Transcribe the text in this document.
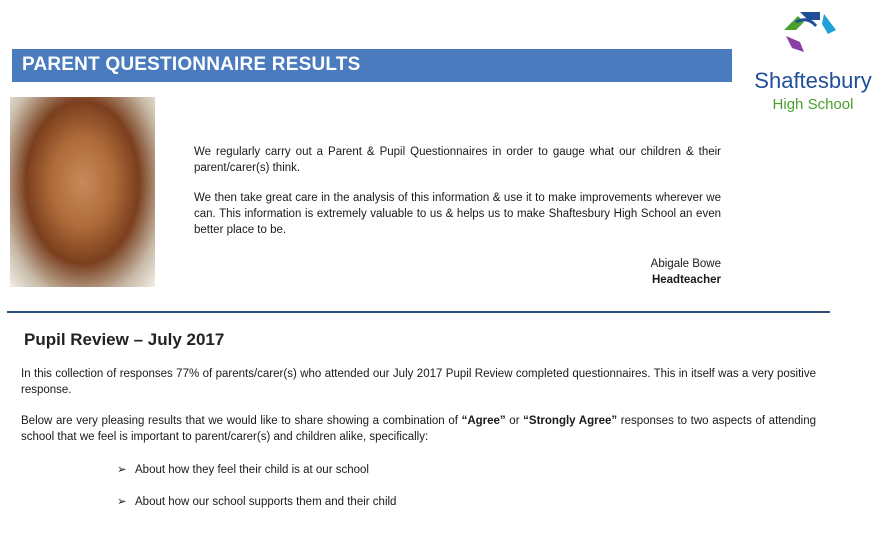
PARENT QUESTIONNAIRE RESULTS
Shaftesbury
High School

We regularly carry out a Parent & Pupil Questionnaires in order to gauge what our children & their parent/carer(s) think.

We then take great care in the analysis of this information & use it to make improvements wherever we can. This information is extremely valuable to us & helps us to make Shaftesbury High School an even better place to be.

Abigale Bowe
Headteacher
Pupil Review – July 2017
In this collection of responses 77% of parents/carer(s) who attended our July 2017 Pupil Review completed questionnaires. This in itself was a very positive response.
Below are very pleasing results that we would like to share showing a combination of “Agree” or “Strongly Agree” responses to two aspects of attending school that we feel is important to parent/carer(s) and children alike, specifically:
➢ About how they feel their child is at our school
➢ About how our school supports them and their child
